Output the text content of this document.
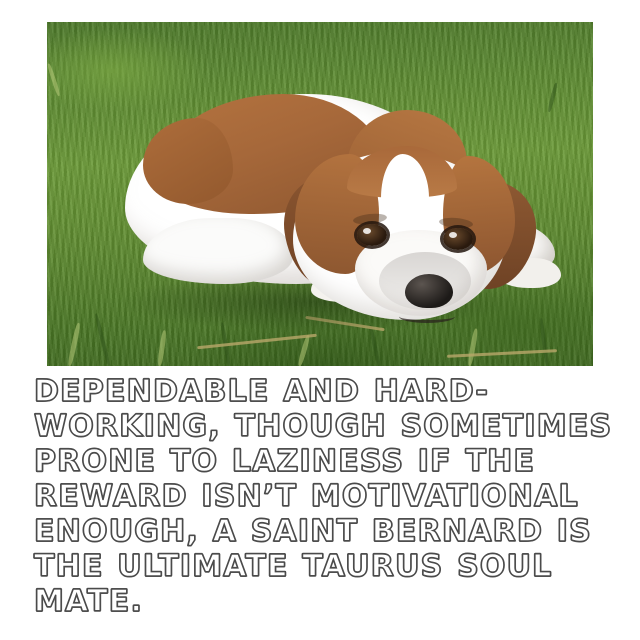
DEPENDABLE AND HARD-WORKING, THOUGH SOMETIMES PRONE TO LAZINESS IF THE REWARD ISN’T MOTIVATIONAL ENOUGH, A SAINT BERNARD IS THE ULTIMATE TAURUS SOUL MATE.
